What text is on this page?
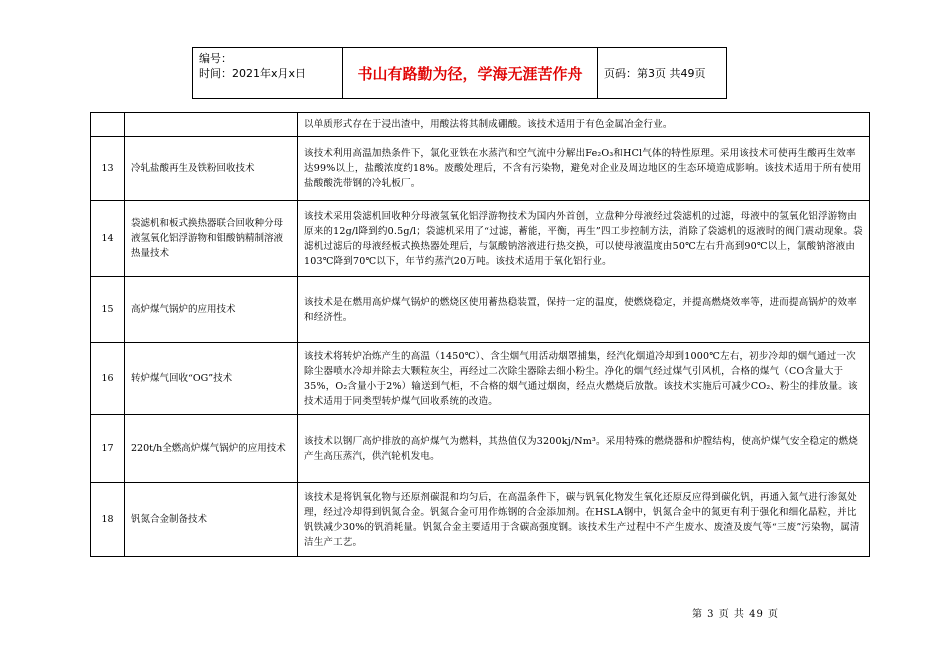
编号：
时间：2021年x月x日	书山有路勤为径，学海无涯苦作舟	页码：第3页 共49页
		以单质形式存在于浸出渣中，用酸法将其制成硼酸。该技术适用于有色金属冶金行业。
13	冷轧盐酸再生及铁粉回收技术	该技术利用高温加热条件下，氯化亚铁在水蒸汽和空气流中分解出Fe₂O₃和HCl气体的特性原理。采用该技术可使再生酸再生效率达99%以上，盐酸浓度约18%。废酸处理后，不含有污染物，避免对企业及周边地区的生态环境造成影响。该技术适用于所有使用盐酸酸洗带钢的冷轧板厂。
14	袋滤机和板式换热器联合回收种分母液氢氧化铝浮游物和钼酸钠精制溶液热量技术	该技术采用袋滤机回收种分母液氢氧化铝浮游物技术为国内外首创，立盘种分母液经过袋滤机的过滤，母液中的氢氧化铝浮游物由原来的12g/l降到约0.5g/l；袋滤机采用了“过滤，蓄能，平衡，再生”四工步控制方法，消除了袋滤机的返液时的阀门震动现象。袋滤机过滤后的母液经板式换热器处理后，与氯酸钠溶液进行热交换，可以使母液温度由50℃左右升高到90℃以上，氯酸钠溶液由103℃降到70℃以下，年节约蒸汽20万吨。该技术适用于氧化铝行业。
15	高炉煤气锅炉的应用技术	该技术是在燃用高炉煤气锅炉的燃烧区使用蓄热稳装置，保持一定的温度，使燃烧稳定，并提高燃烧效率等，进而提高锅炉的效率和经济性。
16	转炉煤气回收“OG”技术	该技术将转炉冶炼产生的高温（1450℃）、含尘烟气用活动烟罩捕集，经汽化烟道冷却到1000℃左右，初步冷却的烟气通过一次除尘器喷水冷却并除去大颗粒灰尘，再经过二次除尘器除去细小粉尘。净化的烟气经过煤气引风机，合格的煤气（CO含量大于35%，O₂含量小于2%）输送到气柜，不合格的烟气通过烟囱，经点火燃烧后放散。该技术实施后可减少CO₂、粉尘的排放量。该技术适用于同类型转炉煤气回收系统的改造。
17	220t/h全燃高炉煤气锅炉的应用技术	该技术以钢厂高炉排放的高炉煤气为燃料，其热值仅为3200kj/Nm³。采用特殊的燃烧器和炉膛结构，使高炉煤气安全稳定的燃烧产生高压蒸汽，供汽轮机发电。
18	钒氮合金制备技术	该技术是将钒氧化物与还原剂碳混和均匀后，在高温条件下，碳与钒氧化物发生氧化还原反应得到碳化钒，再通入氮气进行渗氮处理，经过冷却得到钒氮合金。钒氮合金可用作炼钢的合金添加剂。在HSLA钢中，钒氮合金中的氮更有利于强化和细化晶粒，并比钒铁减少30%的钒消耗量。钒氮合金主要适用于含碳高强度钢。该技术生产过程中不产生废水、废渣及废气等“三废”污染物，属清洁生产工艺。
第 3 页 共 49 页
